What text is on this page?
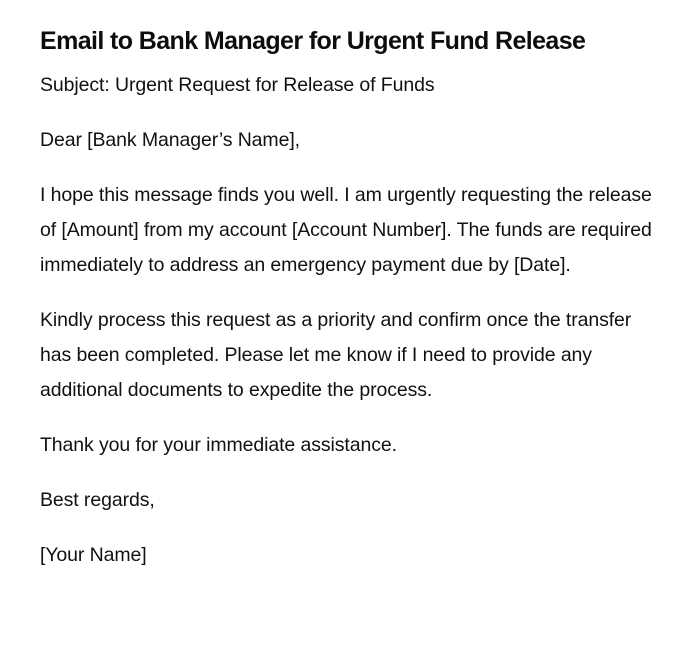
Email to Bank Manager for Urgent Fund Release

Subject: Urgent Request for Release of Funds

Dear [Bank Manager’s Name],

I hope this message finds you well. I am urgently requesting the release of [Amount] from my account [Account Number]. The funds are required immediately to address an emergency payment due by [Date].

Kindly process this request as a priority and confirm once the transfer has been completed. Please let me know if I need to provide any additional documents to expedite the process.

Thank you for your immediate assistance.

Best regards,

[Your Name]
